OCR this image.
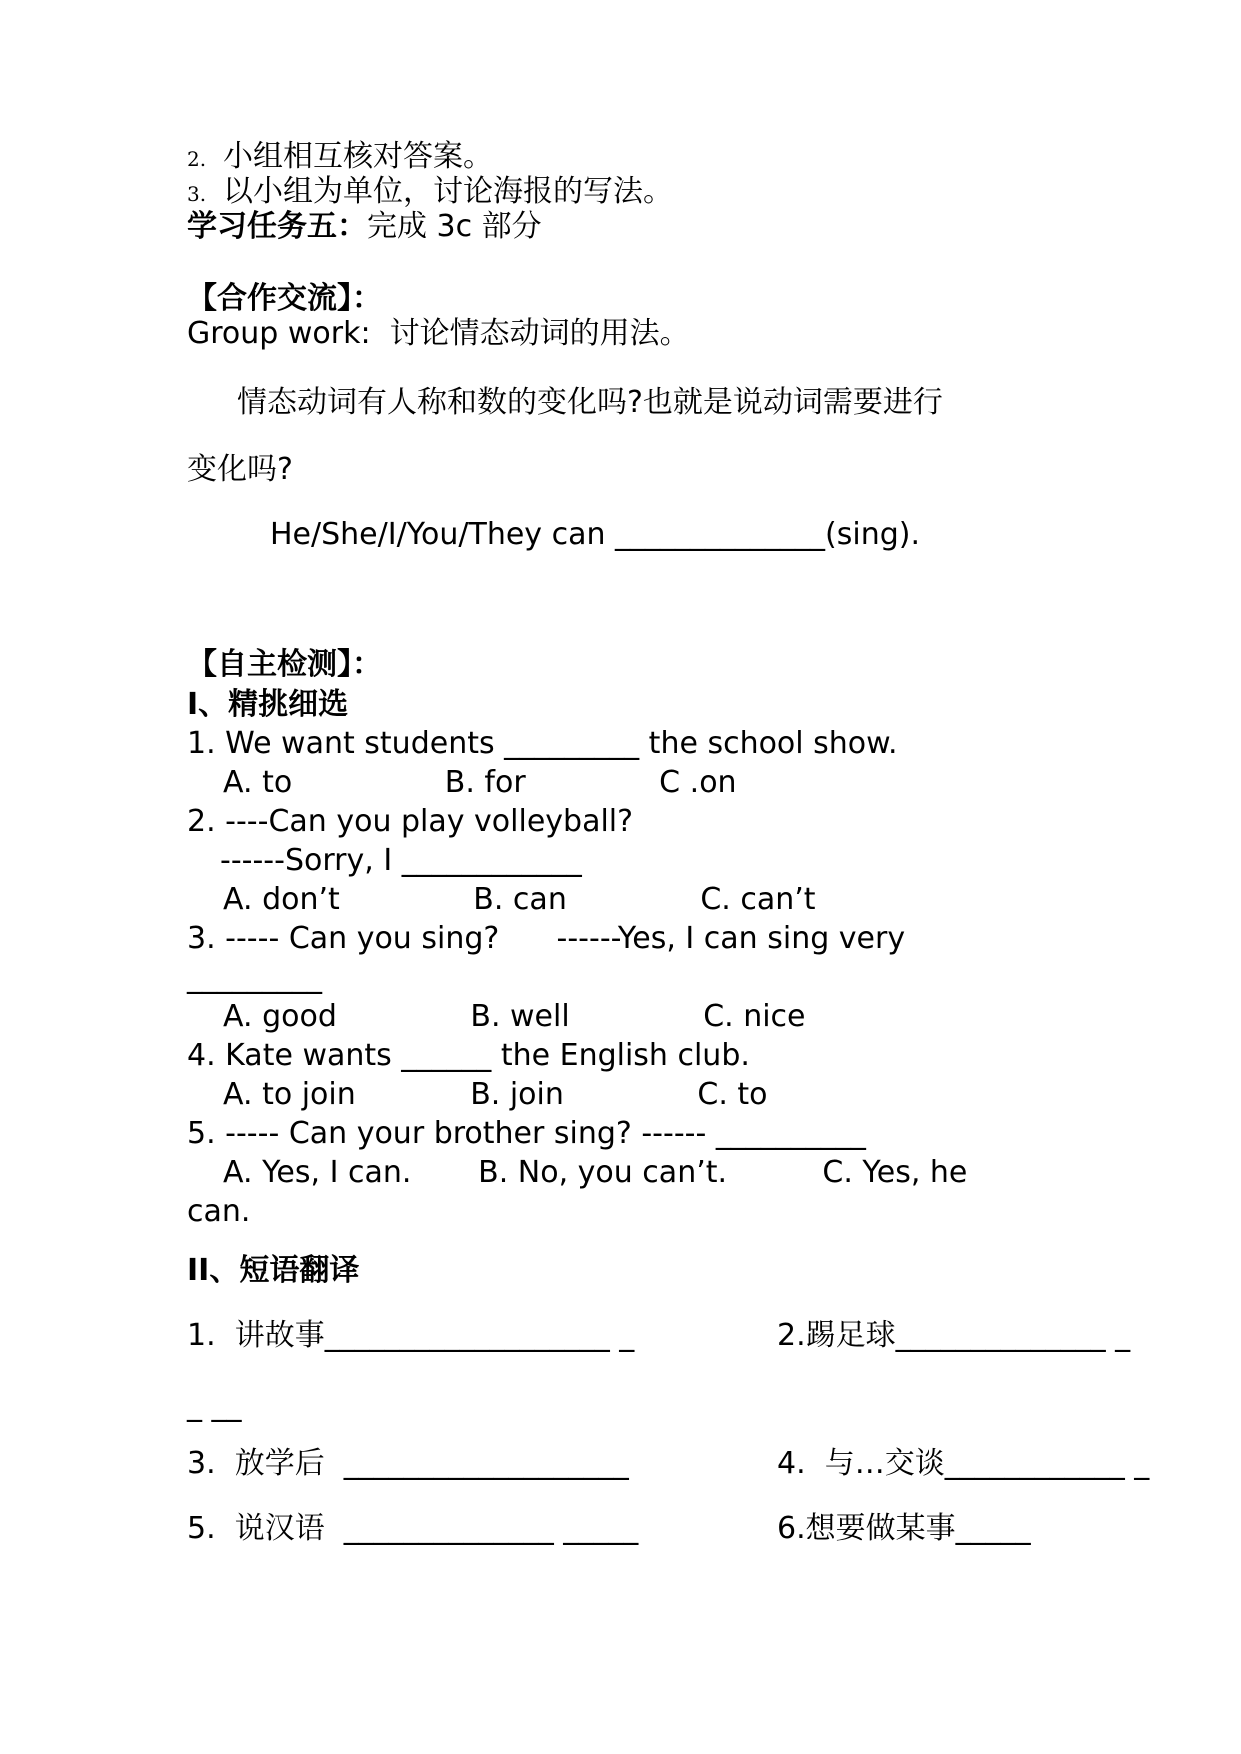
2. 小组相互核对答案。
3. 以小组为单位，讨论海报的写法。
学习任务五：完成 3c 部分
【合作交流】：
Group work:  讨论情态动词的用法。
情态动词有人称和数的变化吗?也就是说动词需要进行
变化吗?
He/She/I/You/They can ______________(sing).
【自主检测】：
I、精挑细选
1. We want students _________ the school show.
A. to                B. for              C .on
2. ----Can you play volleyball?
------Sorry, I ____________
A. don’t              B. can              C. can’t
3. ----- Can you sing?      ------Yes, I can sing very
_________
A. good              B. well              C. nice
4. Kate wants ______ the English club.
A. to join            B. join              C. to
5. ----- Can your brother sing? ------ __________
A. Yes, I can.       B. No, you can’t.          C. Yes, he
can.
II、短语翻译
1.  讲故事___________________ _	2.踢足球______________ _
_ __
3.  放学后  ___________________	4.  与…交谈____________ _
5.  说汉语  ______________ _____	6.想要做某事_____
